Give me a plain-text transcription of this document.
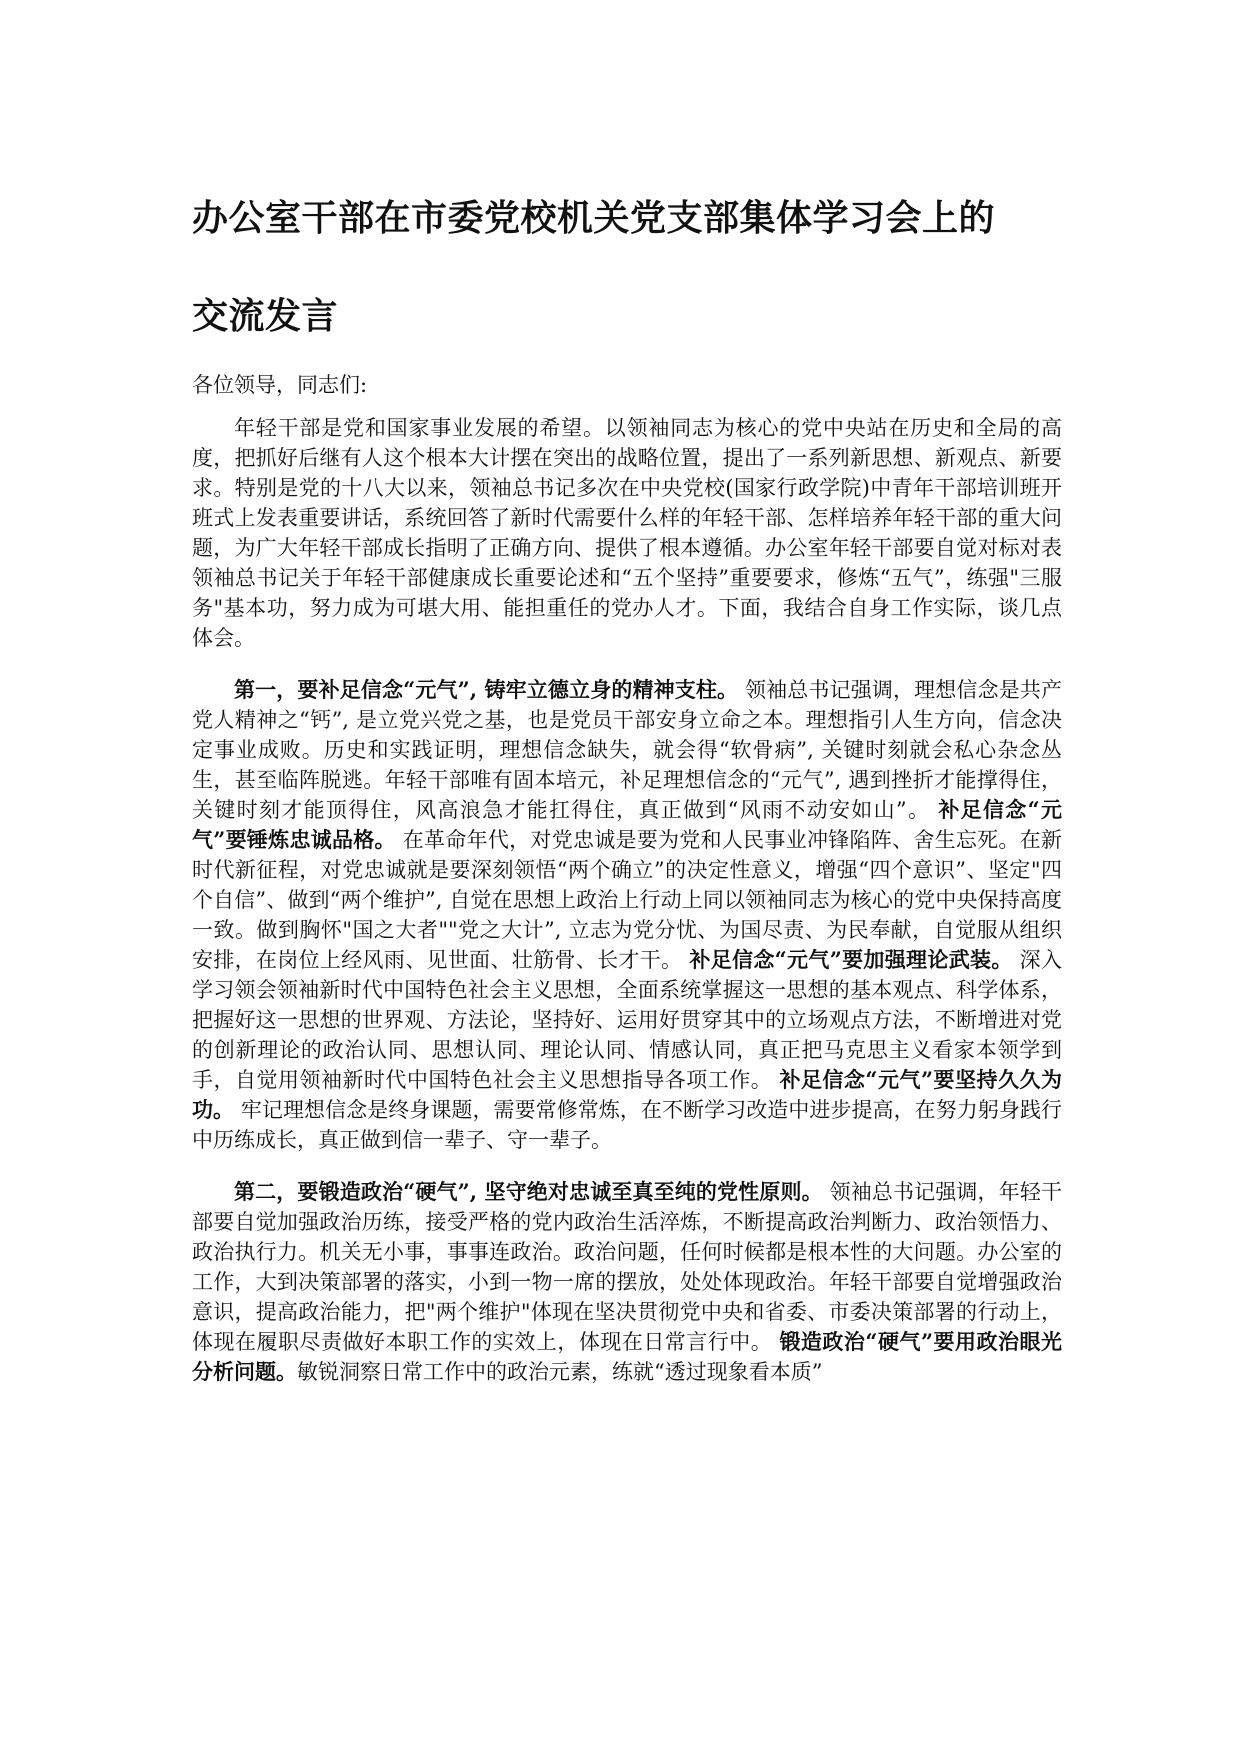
办公室干部在市委党校机关党支部集体学习会上的
交流发言

各位领导，同志们:

年轻干部是党和国家事业发展的希望。以领袖同志为核心的党中央站在历史和全局的高度，把抓好后继有人这个根本大计摆在突出的战略位置，提出了一系列新思想、新观点、新要求。特别是党的十八大以来，领袖总书记多次在中央党校(国家行政学院)中青年干部培训班开班式上发表重要讲话，系统回答了新时代需要什么样的年轻干部、怎样培养年轻干部的重大问题，为广大年轻干部成长指明了正确方向、提供了根本遵循。办公室年轻干部要自觉对标对表领袖总书记关于年轻干部健康成长重要论述和“五个坚持”重要要求，修炼“五气”，练强"三服务"基本功，努力成为可堪大用、能担重任的党办人才。下面，我结合自身工作实际，谈几点体会。

第一，要补足信念“元气”, 铸牢立德立身的精神支柱。 领袖总书记强调，理想信念是共产党人精神之“钙”, 是立党兴党之基，也是党员干部安身立命之本。理想指引人生方向，信念决定事业成败。历史和实践证明，理想信念缺失，就会得“软骨病”, 关键时刻就会私心杂念丛生，甚至临阵脱逃。年轻干部唯有固本培元，补足理想信念的“元气”, 遇到挫折才能撑得住，关键时刻才能顶得住，风高浪急才能扛得住，真正做到“风雨不动安如山”。 补足信念“元气”要锤炼忠诚品格。 在革命年代，对党忠诚是要为党和人民事业冲锋陷阵、舍生忘死。在新时代新征程，对党忠诚就是要深刻领悟“两个确立”的决定性意义，增强“四个意识”、坚定"四个自信”、做到“两个维护”, 自觉在思想上政治上行动上同以领袖同志为核心的党中央保持高度一致。做到胸怀"国之大者""党之大计”, 立志为党分忧、为国尽责、为民奉献，自觉服从组织安排，在岗位上经风雨、见世面、壮筋骨、长才干。 补足信念“元气”要加强理论武装。 深入学习领会领袖新时代中国特色社会主义思想，全面系统掌握这一思想的基本观点、科学体系，把握好这一思想的世界观、方法论，坚持好、运用好贯穿其中的立场观点方法，不断增进对党的创新理论的政治认同、思想认同、理论认同、情感认同，真正把马克思主义看家本领学到手，自觉用领袖新时代中国特色社会主义思想指导各项工作。 补足信念“元气”要坚持久久为功。 牢记理想信念是终身课题，需要常修常炼，在不断学习改造中进步提高，在努力躬身践行中历练成长，真正做到信一辈子、守一辈子。

第二，要锻造政治“硬气”, 坚守绝对忠诚至真至纯的党性原则。 领袖总书记强调，年轻干部要自觉加强政治历练，接受严格的党内政治生活淬炼，不断提高政治判断力、政治领悟力、政治执行力。机关无小事，事事连政治。政治问题，任何时候都是根本性的大问题。办公室的工作，大到决策部署的落实，小到一物一席的摆放，处处体现政治。年轻干部要自觉增强政治意识，提高政治能力，把"两个维护"体现在坚决贯彻党中央和省委、市委决策部署的行动上，体现在履职尽责做好本职工作的实效上，体现在日常言行中。 锻造政治“硬气”要用政治眼光分析问题。敏锐洞察日常工作中的政治元素，练就“透过现象看本质”
